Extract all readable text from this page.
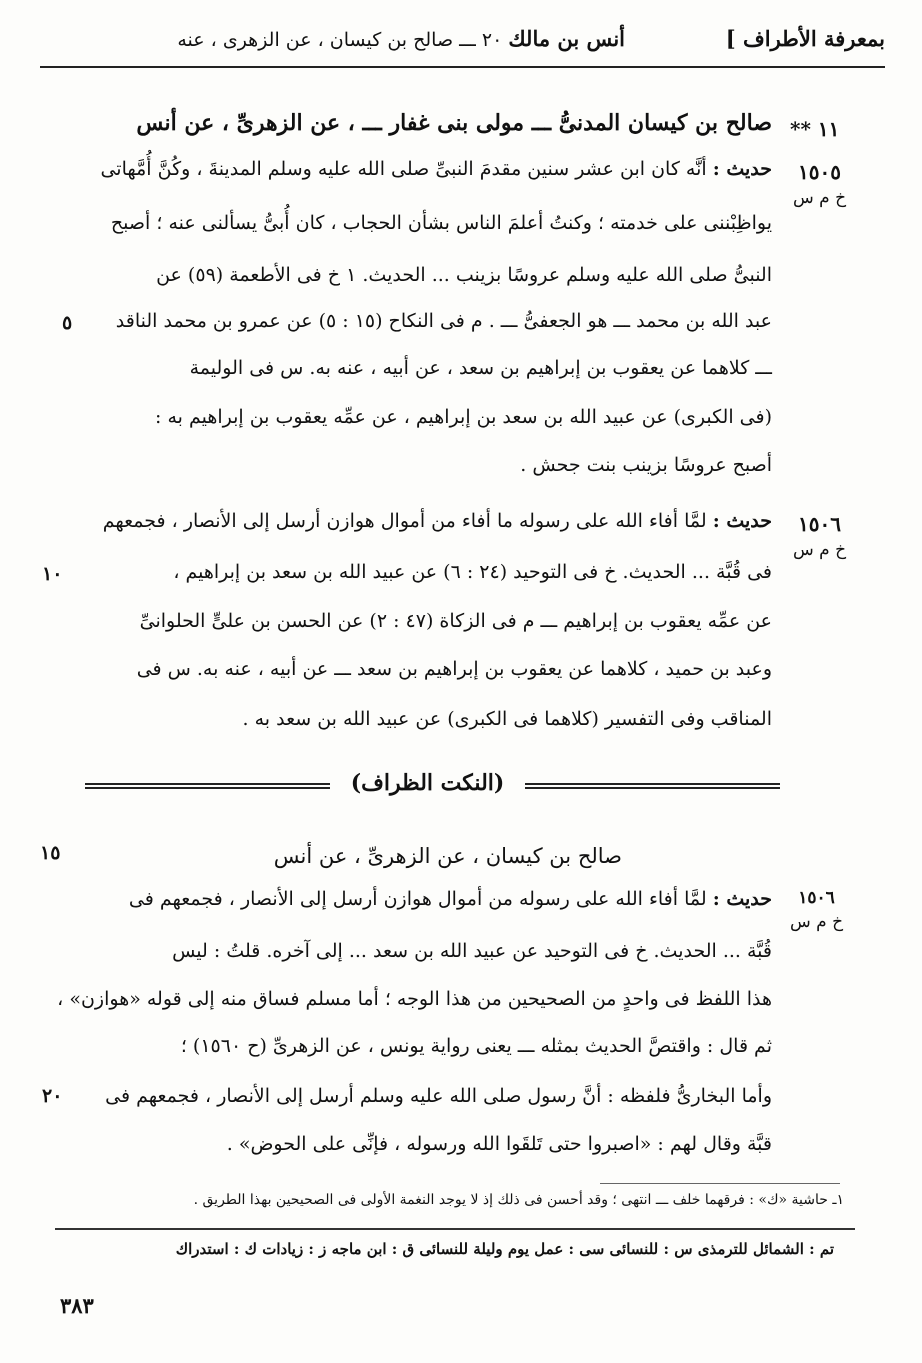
بمعرفة الأطراف ]
أنس بن مالك ٢٠ ـــ صالح بن كيسان ، عن الزهرى ، عنه
١١ **
صالح بن كيسان المدنىُّ ـــ مولى بنى غفار ـــ ، عن الزهرىِّ ، عن أنس
١٥٠٥
خ م س
حديث : أنَّه كان ابن عشر سنين مقدمَ النبىِّ صلى الله عليه وسلم المدينةَ ، وكُنَّ أُمَّهاتى
يواظِبْننى على خدمته ؛ وكنتُ أعلمَ الناس بشأن الحجاب ، كان أُبىُّ يسألنى عنه ؛ أصبح
النبىُّ صلى الله عليه وسلم عروسًا بزينب ... الحديث. ١ خ فى الأطعمة (٥٩) عن
عبد الله بن محمد ـــ هو الجعفىُّ ـــ . م فى النكاح (١٥ : ٥) عن عمرو بن محمد الناقد
ـــ كلاهما عن يعقوب بن إبراهيم بن سعد ، عن أبيه ، عنه به. س فى الوليمة
(فى الكبرى) عن عبيد الله بن سعد بن إبراهيم ، عن عمِّه يعقوب بن إبراهيم به :
أصبح عروسًا بزينب بنت جحش .
٥
١٥٠٦
خ م س
حديث : لمَّا أفاء الله على رسوله ما أفاء من أموال هوازن أرسل إلى الأنصار ، فجمعهم
فى قُبَّة ... الحديث. خ فى التوحيد (٢٤ : ٦) عن عبيد الله بن سعد بن إبراهيم ،
عن عمِّه يعقوب بن إبراهيم ـــ م فى الزكاة (٤٧ : ٢) عن الحسن بن علىٍّ الحلوانىِّ
وعبد بن حميد ، كلاهما عن يعقوب بن إبراهيم بن سعد ـــ عن أبيه ، عنه به. س فى
المناقب وفى التفسير (كلاهما فى الكبرى) عن عبيد الله بن سعد به .
١٠
(النكت الظراف)
صالح بن كيسان ، عن الزهرىِّ ، عن أنس
١٥
١٥٠٦
خ م س
حديث : لمَّا أفاء الله على رسوله من أموال هوازن أرسل إلى الأنصار ، فجمعهم فى
قُبَّة ... الحديث. خ فى التوحيد عن عبيد الله بن سعد ... إلى آخره. قلتُ : ليس
هذا اللفظ فى واحدٍ من الصحيحين من هذا الوجه ؛ أما مسلم فساق منه إلى قوله «هوازن» ،
ثم قال : واقتصَّ الحديث بمثله ـــ يعنى رواية يونس ، عن الزهرىِّ (ح ١٥٦٠) ؛
وأما البخارىُّ فلفظه : أنَّ رسول صلى الله عليه وسلم أرسل إلى الأنصار ، فجمعهم فى
قبَّة وقال لهم : «اصبروا حتى تَلقَوا الله ورسوله ، فإنِّى على الحوض» .
٢٠
١ـ حاشية «ك» : فرقهما خلف ـــ انتهى ؛ وقد أحسن فى ذلك إذ لا يوجد النغمة الأولى فى الصحيحين بهذا الطريق .
تم : الشمائل للترمذى س : للنسائى سى : عمل يوم وليلة للنسائى ق : ابن ماجه ز : زيادات ك : استدراك
٣٨٣
